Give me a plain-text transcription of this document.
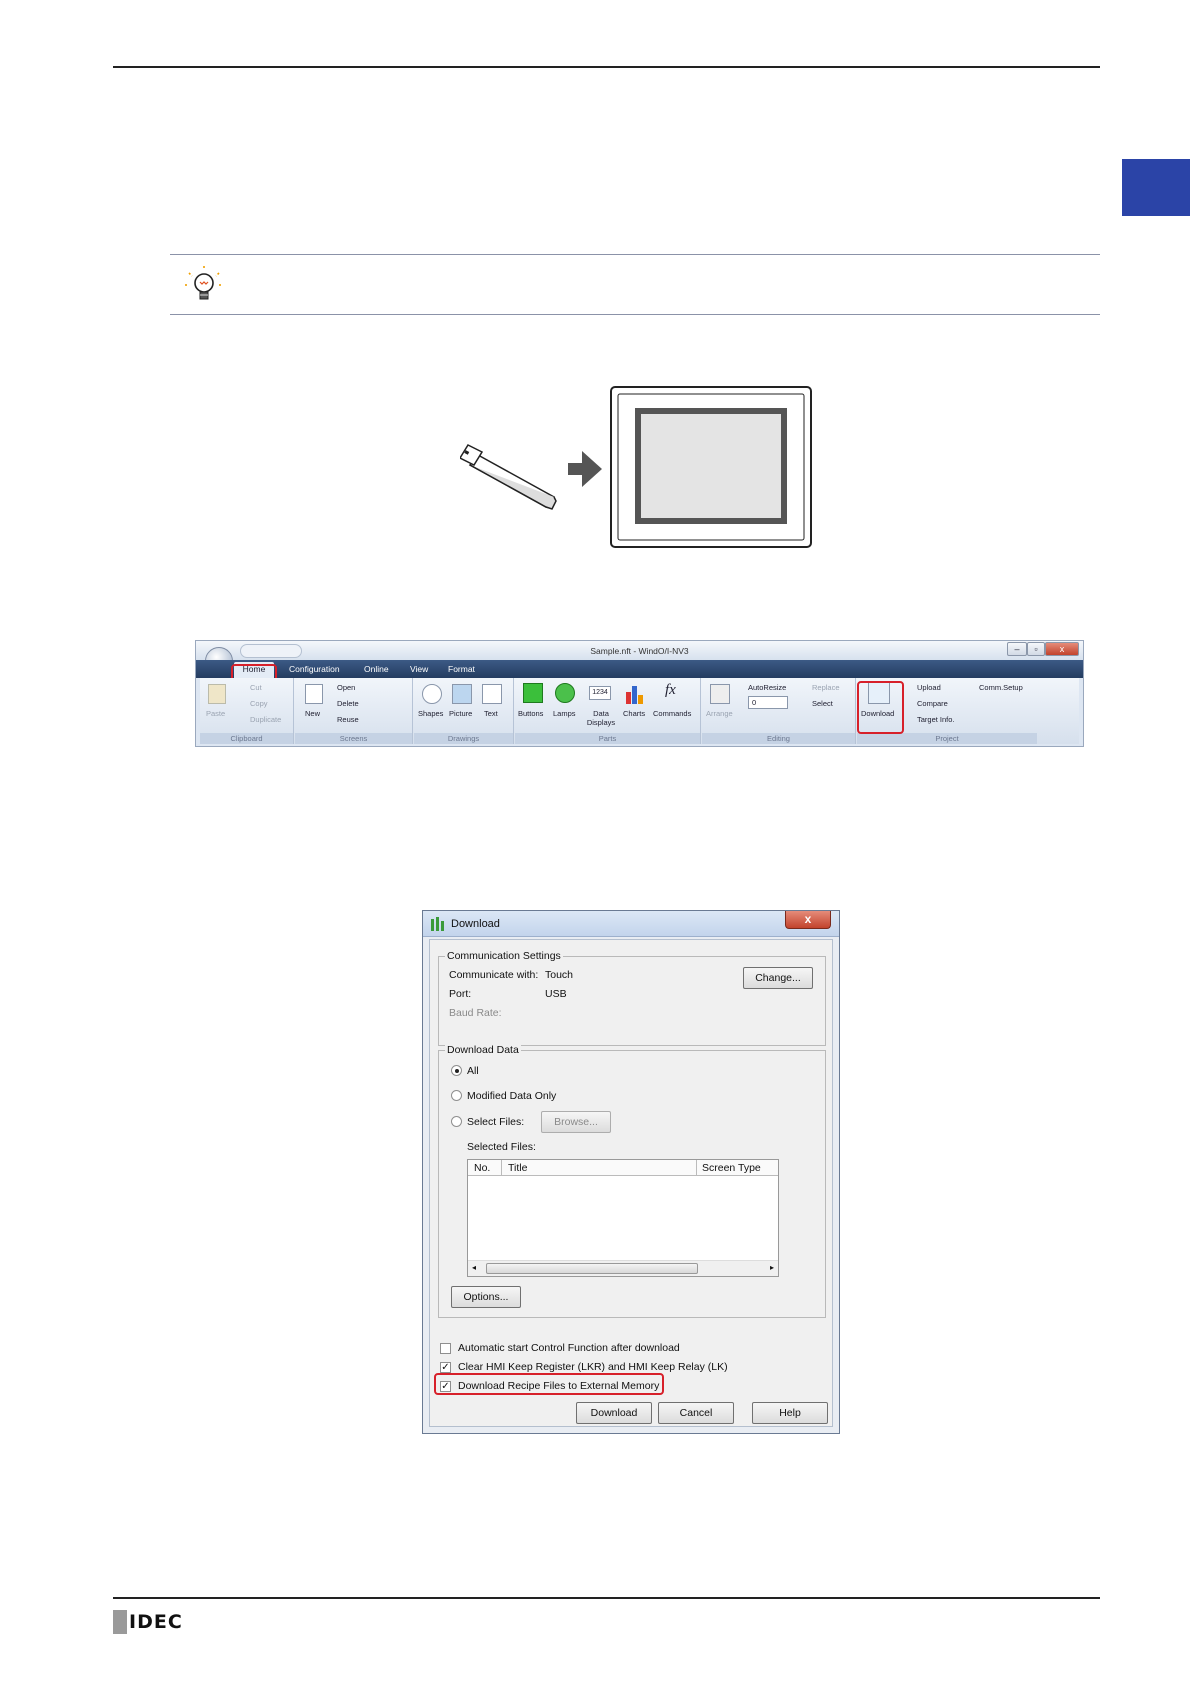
Sample.nft - WindO/I-NV3	–	▫	x
Home	Configuration	Online	View Format
Paste
Cut
Copy
Duplicate
Clipboard
New
Open
Delete
Reuse
Screens
Shapes Picture Text
Drawings
1234	fx
Buttons Lamps	Data Displays
Charts Commands
Parts
Arrange
AutoResize
0
Replace
Select
Editing
Download
Upload
Compare
Target Info.
Comm.Setup
Project
Download	x
Communication Settings
Communicate with: Touch
Port:	USB
Baud Rate:
Change...
Download Data
All
Modified Data Only
Select Files:	Browse...
Selected Files:
No. Title	Screen Type
◂	▸
Options...
Automatic start Control Function after download
✓ Clear HMI Keep Register (LKR) and HMI Keep Relay (LK)
✓ Download Recipe Files to External Memory
Download	Cancel	Help
IDEC
